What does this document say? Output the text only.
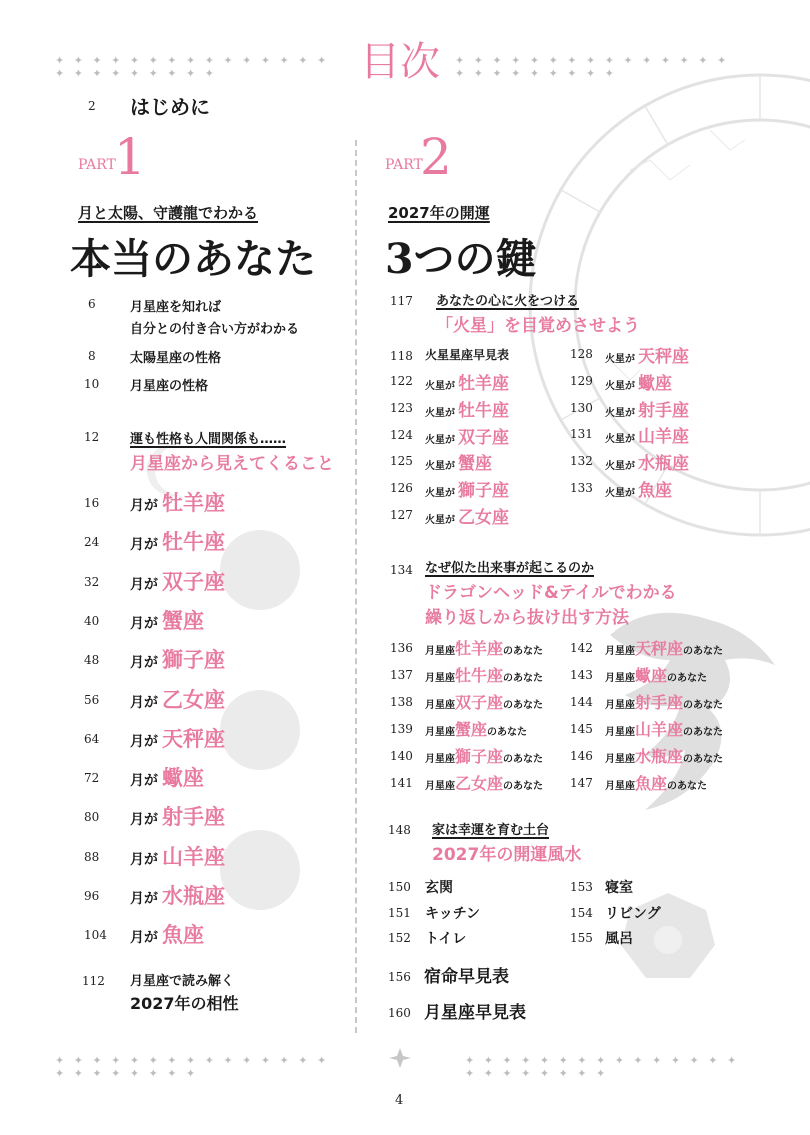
✦ ✦ ✦ ✦ ✦ ✦ ✦ ✦ ✦ ✦ ✦ ✦ ✦ ✦ ✦ ✦ ✦ ✦ ✦ ✦ ✦ ✦ ✦ ✦	目次	✦ ✦ ✦ ✦ ✦ ✦ ✦ ✦ ✦ ✦ ✦ ✦ ✦ ✦ ✦ ✦ ✦ ✦ ✦ ✦ ✦ ✦ ✦ ✦
2 はじめに
PART
1
月と太陽、守護龍でわかる
本当のあなた
6	月星座を知れば
自分との付き合い方がわかる
8	太陽星座の性格
10 月星座の性格
12 運も性格も人間関係も……
月星座から見えてくること
16 月が 牡羊座
24 月が 牡牛座
32 月が 双子座
40 月が 蟹座
48 月が 獅子座
56 月が 乙女座
64 月が 天秤座
72 月が 蠍座
80 月が 射手座
88 月が 山羊座
96 月が 水瓶座
104 月が 魚座
112 月星座で読み解く
2027年の相性
PART
2
2027年の開運
3つの鍵
117 あなたの心に火をつける
「火星」を目覚めさせよう
118 火星星座早見表
122 火星が 牡羊座
123 火星が 牡牛座
124 火星が 双子座
125 火星が 蟹座
126 火星が 獅子座
127 火星が 乙女座
128 火星が 天秤座
129 火星が 蠍座
130 火星が 射手座
131 火星が 山羊座
132 火星が 水瓶座
133 火星が 魚座
134 なぜ似た出来事が起こるのか
ドラゴンヘッド&テイルでわかる
繰り返しから抜け出す方法
136 月星座牡羊座のあなた
137 月星座牡牛座のあなた
138 月星座双子座のあなた
139 月星座蟹座のあなた
140 月星座獅子座のあなた
141 月星座乙女座のあなた
142 月星座天秤座のあなた
143 月星座蠍座のあなた
144 月星座射手座のあなた
145 月星座山羊座のあなた
146 月星座水瓶座のあなた
147 月星座魚座のあなた
148 家は幸運を育む土台
2027年の開運風水
150 玄関
151 キッチン
152 トイレ
153 寝室
154 リビング
155 風呂
156 宿命早見表
160 月星座早見表
✦ ✦ ✦ ✦ ✦ ✦ ✦ ✦ ✦ ✦ ✦ ✦ ✦ ✦ ✦ ✦ ✦ ✦ ✦ ✦ ✦ ✦ ✦
✦ ✦ ✦ ✦ ✦ ✦ ✦ ✦ ✦ ✦ ✦ ✦ ✦ ✦ ✦ ✦ ✦ ✦ ✦ ✦ ✦ ✦ ✦
4
